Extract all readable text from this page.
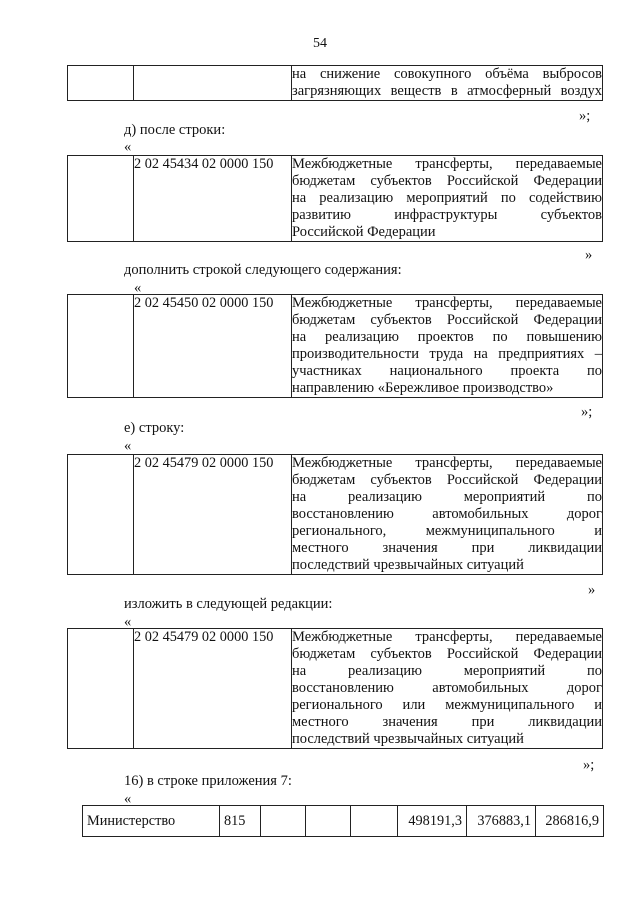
54

на снижение совокупного объёма выбросов
загрязняющих веществ в атмосферный воздух
»;
д) после строки:
«
	2 02 45434 02 0000 150	Межбюджетные трансферты, передаваемые
бюджетам субъектов Российской Федерации
на реализацию мероприятий по содействию
развитию инфраструктуры субъектов
Российской Федерации
»
дополнить строкой следующего содержания:
«
	2 02 45450 02 0000 150	Межбюджетные трансферты, передаваемые
бюджетам субъектов Российской Федерации
на реализацию проектов по повышению
производительности труда на предприятиях –
участниках национального проекта по
направлению «Бережливое производство»
»;
е) строку:
«
	2 02 45479 02 0000 150	Межбюджетные трансферты, передаваемые
бюджетам субъектов Российской Федерации
на реализацию мероприятий по
восстановлению автомобильных дорог
регионального, межмуниципального и
местного значения при ликвидации
последствий чрезвычайных ситуаций
»
изложить в следующей редакции:
«
	2 02 45479 02 0000 150	Межбюджетные трансферты, передаваемые
бюджетам субъектов Российской Федерации
на реализацию мероприятий по
восстановлению автомобильных дорог
регионального или межмуниципального и
местного значения при ликвидации
последствий чрезвычайных ситуаций
»;
16) в строке приложения 7:
«
Министерство	815				498191,3	376883,1	286816,9
